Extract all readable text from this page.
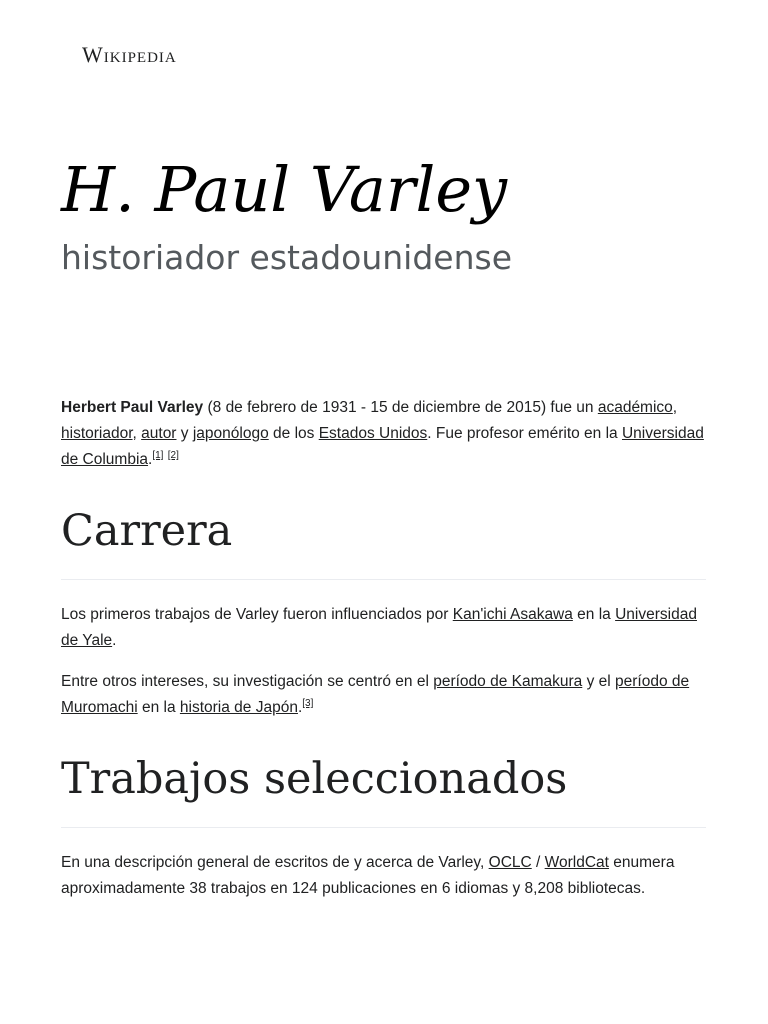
Wikipedia
H. Paul Varley
historiador estadounidense

Herbert Paul Varley (8 de febrero de 1931 - 15 de diciembre de 2015) fue un académico, historiador, autor y japonólogo de los Estados Unidos. Fue profesor emérito en la Universidad de Columbia.[1] [2]

Carrera

Los primeros trabajos de Varley fueron influenciados por Kan'ichi Asakawa en la Universidad de Yale.

Entre otros intereses, su investigación se centró en el período de Kamakura y el período de Muromachi en la historia de Japón.[3]

Trabajos seleccionados

En una descripción general de escritos de y acerca de Varley, OCLC / WorldCat enumera aproximadamente 38 trabajos en 124 publicaciones en 6 idiomas y 8,208 bibliotecas.
